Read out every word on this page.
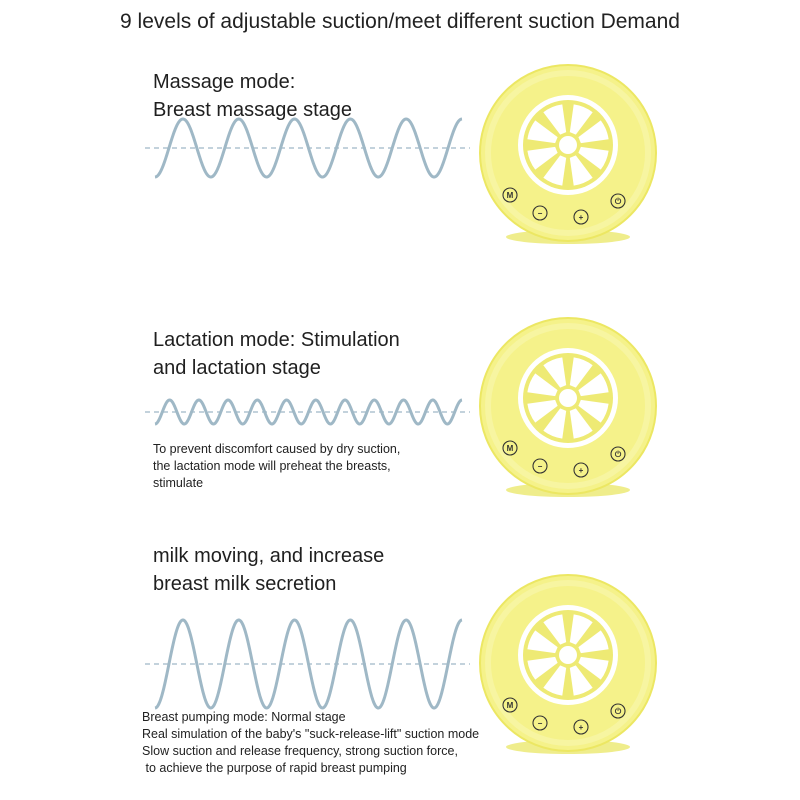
9 levels of adjustable suction/meet different suction Demand
Massage mode:
Breast massage stage
Lactation mode: Stimulation
and lactation stage
To prevent discomfort caused by dry suction,
the lactation mode will preheat the breasts,
stimulate
milk moving, and increase
breast milk secretion
Breast pumping mode: Normal stage
Real simulation of the baby's "suck-release-lift" suction mode
Slow suction and release frequency, strong suction force,
to achieve the purpose of rapid breast pumping
M
−	+
⏻
M
−	+
⏻
M
−	+
⏻
